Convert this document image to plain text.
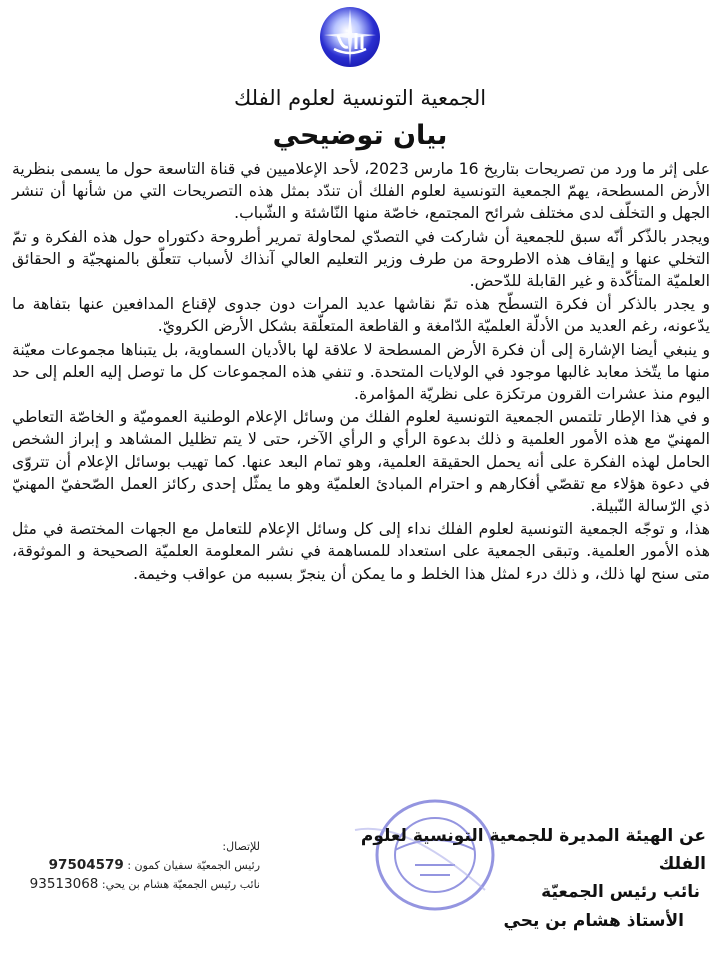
الجمعية التونسية لعلوم الفلك
بيان توضيحي

على إثر ما ورد من تصريحات بتاريخ 16 مارس 2023، لأحد الإعلاميين في قناة التاسعة حول ما يسمى بنظرية الأرض المسطحة، يهمّ الجمعية التونسية لعلوم الفلك أن تندّد بمثل هذه التصريحات التي من شأنها أن تنشر الجهل و التخلّف لدى مختلف شرائح المجتمع، خاصّة منها النّاشئة و الشّباب.

ويجدر بالذّكر أنّه سبق للجمعية أن شاركت في التصدّي لمحاولة تمرير أطروحة دكتوراه حول هذه الفكرة و تمّ التخلي عنها و إيقاف هذه الاطروحة من طرف وزير التعليم العالي آنذاك لأسباب تتعلّق بالمنهجيّة و الحقائق العلميّة المتأكّدة و غير القابلة للدّحض.

و يجدر بالذكر أن فكرة التسطّح هذه تمّ نقاشها عديد المرات دون جدوى لإقناع المدافعين عنها بتفاهة ما يدّعونه، رغم العديد من الأدلّة العلميّة الدّامغة و القاطعة المتعلّقة بشكل الأرض الكرويّ.

و ينبغي أيضا الإشارة إلى أن فكرة الأرض المسطحة لا علاقة لها بالأديان السماوية، بل يتبناها مجموعات معيّنة منها ما يتّخذ معابد غالبها موجود في الولايات المتحدة. و تنفي هذه المجموعات كل ما توصل إليه العلم إلى حد اليوم منذ عشرات القرون مرتكزة على نظريّة المؤامرة.

و في هذا الإطار تلتمس الجمعية التونسية لعلوم الفلك من وسائل الإعلام الوطنية العموميّة و الخاصّة التعاطي المهنيّ مع هذه الأمور العلمية و ذلك بدعوة الرأي و الرأي الآخر، حتى لا يتم تظليل المشاهد و إبراز الشخص الحامل لهذه الفكرة على أنه يحمل الحقيقة العلمية، وهو تمام البعد عنها. كما تهيب بوسائل الإعلام أن تتروّى في دعوة هؤلاء مع تقصّي أفكارهم و احترام المبادئ العلميّة وهو ما يمثّل إحدى ركائز العمل الصّحفيّ المهنيّ ذي الرّسالة النّبيلة.

هذا، و توجّه الجمعية التونسية لعلوم الفلك نداء إلى كل وسائل الإعلام للتعامل مع الجهات المختصة في مثل هذه الأمور العلمية. وتبقى الجمعية على استعداد للمساهمة في نشر المعلومة العلميّة الصحيحة و الموثوقة، متى سنح لها ذلك، و ذلك درء لمثل هذا الخلط و ما يمكن أن ينجرّ بسببه من عواقب وخيمة.

عن الهيئة المديرة للجمعية التونسية لعلوم الفلك
نائب رئيس الجمعيّة
الأستاذ هشام بن يحي
للإتصال:
رئيس الجمعيّة سفيان كمون : 97504579
نائب رئيس الجمعيّة هشام بن يحي: 93513068
